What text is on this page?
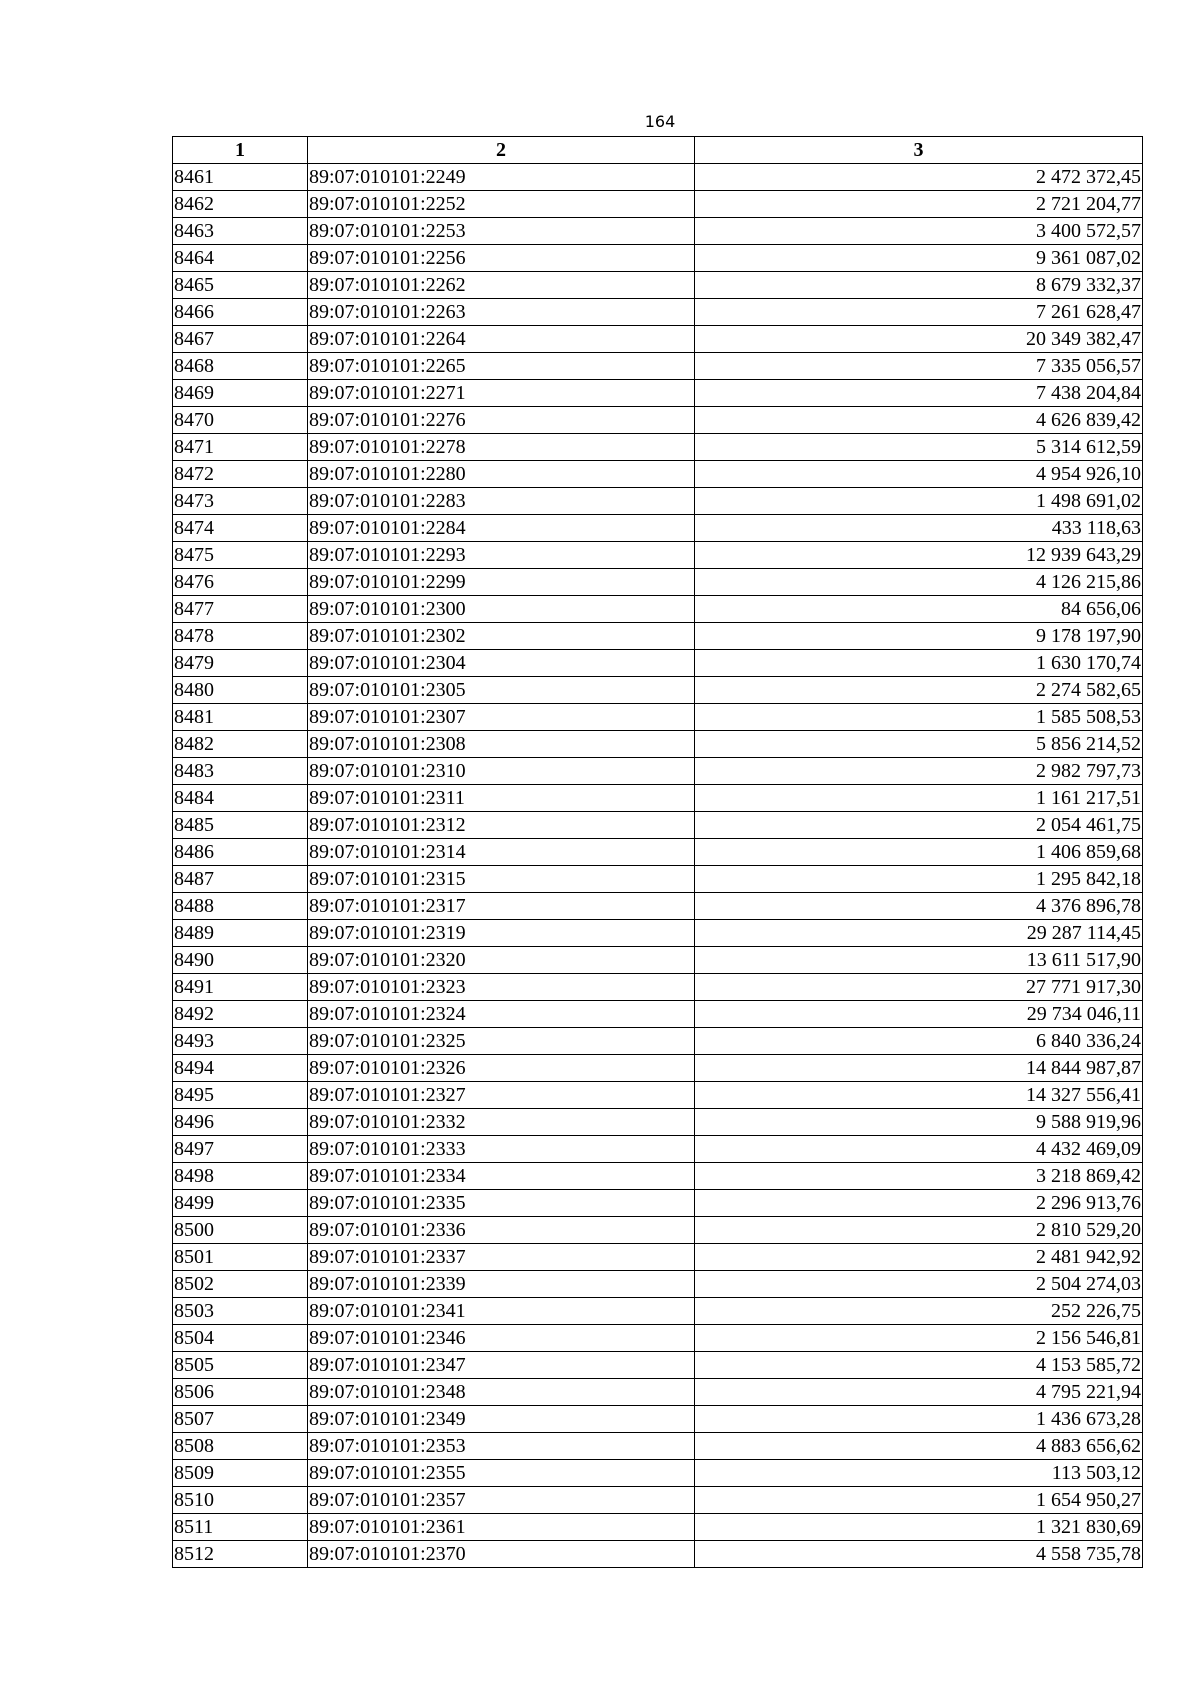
164
1	2	3
8461	89:07:010101:2249	2 472 372,45
8462	89:07:010101:2252	2 721 204,77
8463	89:07:010101:2253	3 400 572,57
8464	89:07:010101:2256	9 361 087,02
8465	89:07:010101:2262	8 679 332,37
8466	89:07:010101:2263	7 261 628,47
8467	89:07:010101:2264	20 349 382,47
8468	89:07:010101:2265	7 335 056,57
8469	89:07:010101:2271	7 438 204,84
8470	89:07:010101:2276	4 626 839,42
8471	89:07:010101:2278	5 314 612,59
8472	89:07:010101:2280	4 954 926,10
8473	89:07:010101:2283	1 498 691,02
8474	89:07:010101:2284	433 118,63
8475	89:07:010101:2293	12 939 643,29
8476	89:07:010101:2299	4 126 215,86
8477	89:07:010101:2300	84 656,06
8478	89:07:010101:2302	9 178 197,90
8479	89:07:010101:2304	1 630 170,74
8480	89:07:010101:2305	2 274 582,65
8481	89:07:010101:2307	1 585 508,53
8482	89:07:010101:2308	5 856 214,52
8483	89:07:010101:2310	2 982 797,73
8484	89:07:010101:2311	1 161 217,51
8485	89:07:010101:2312	2 054 461,75
8486	89:07:010101:2314	1 406 859,68
8487	89:07:010101:2315	1 295 842,18
8488	89:07:010101:2317	4 376 896,78
8489	89:07:010101:2319	29 287 114,45
8490	89:07:010101:2320	13 611 517,90
8491	89:07:010101:2323	27 771 917,30
8492	89:07:010101:2324	29 734 046,11
8493	89:07:010101:2325	6 840 336,24
8494	89:07:010101:2326	14 844 987,87
8495	89:07:010101:2327	14 327 556,41
8496	89:07:010101:2332	9 588 919,96
8497	89:07:010101:2333	4 432 469,09
8498	89:07:010101:2334	3 218 869,42
8499	89:07:010101:2335	2 296 913,76
8500	89:07:010101:2336	2 810 529,20
8501	89:07:010101:2337	2 481 942,92
8502	89:07:010101:2339	2 504 274,03
8503	89:07:010101:2341	252 226,75
8504	89:07:010101:2346	2 156 546,81
8505	89:07:010101:2347	4 153 585,72
8506	89:07:010101:2348	4 795 221,94
8507	89:07:010101:2349	1 436 673,28
8508	89:07:010101:2353	4 883 656,62
8509	89:07:010101:2355	113 503,12
8510	89:07:010101:2357	1 654 950,27
8511	89:07:010101:2361	1 321 830,69
8512	89:07:010101:2370	4 558 735,78
